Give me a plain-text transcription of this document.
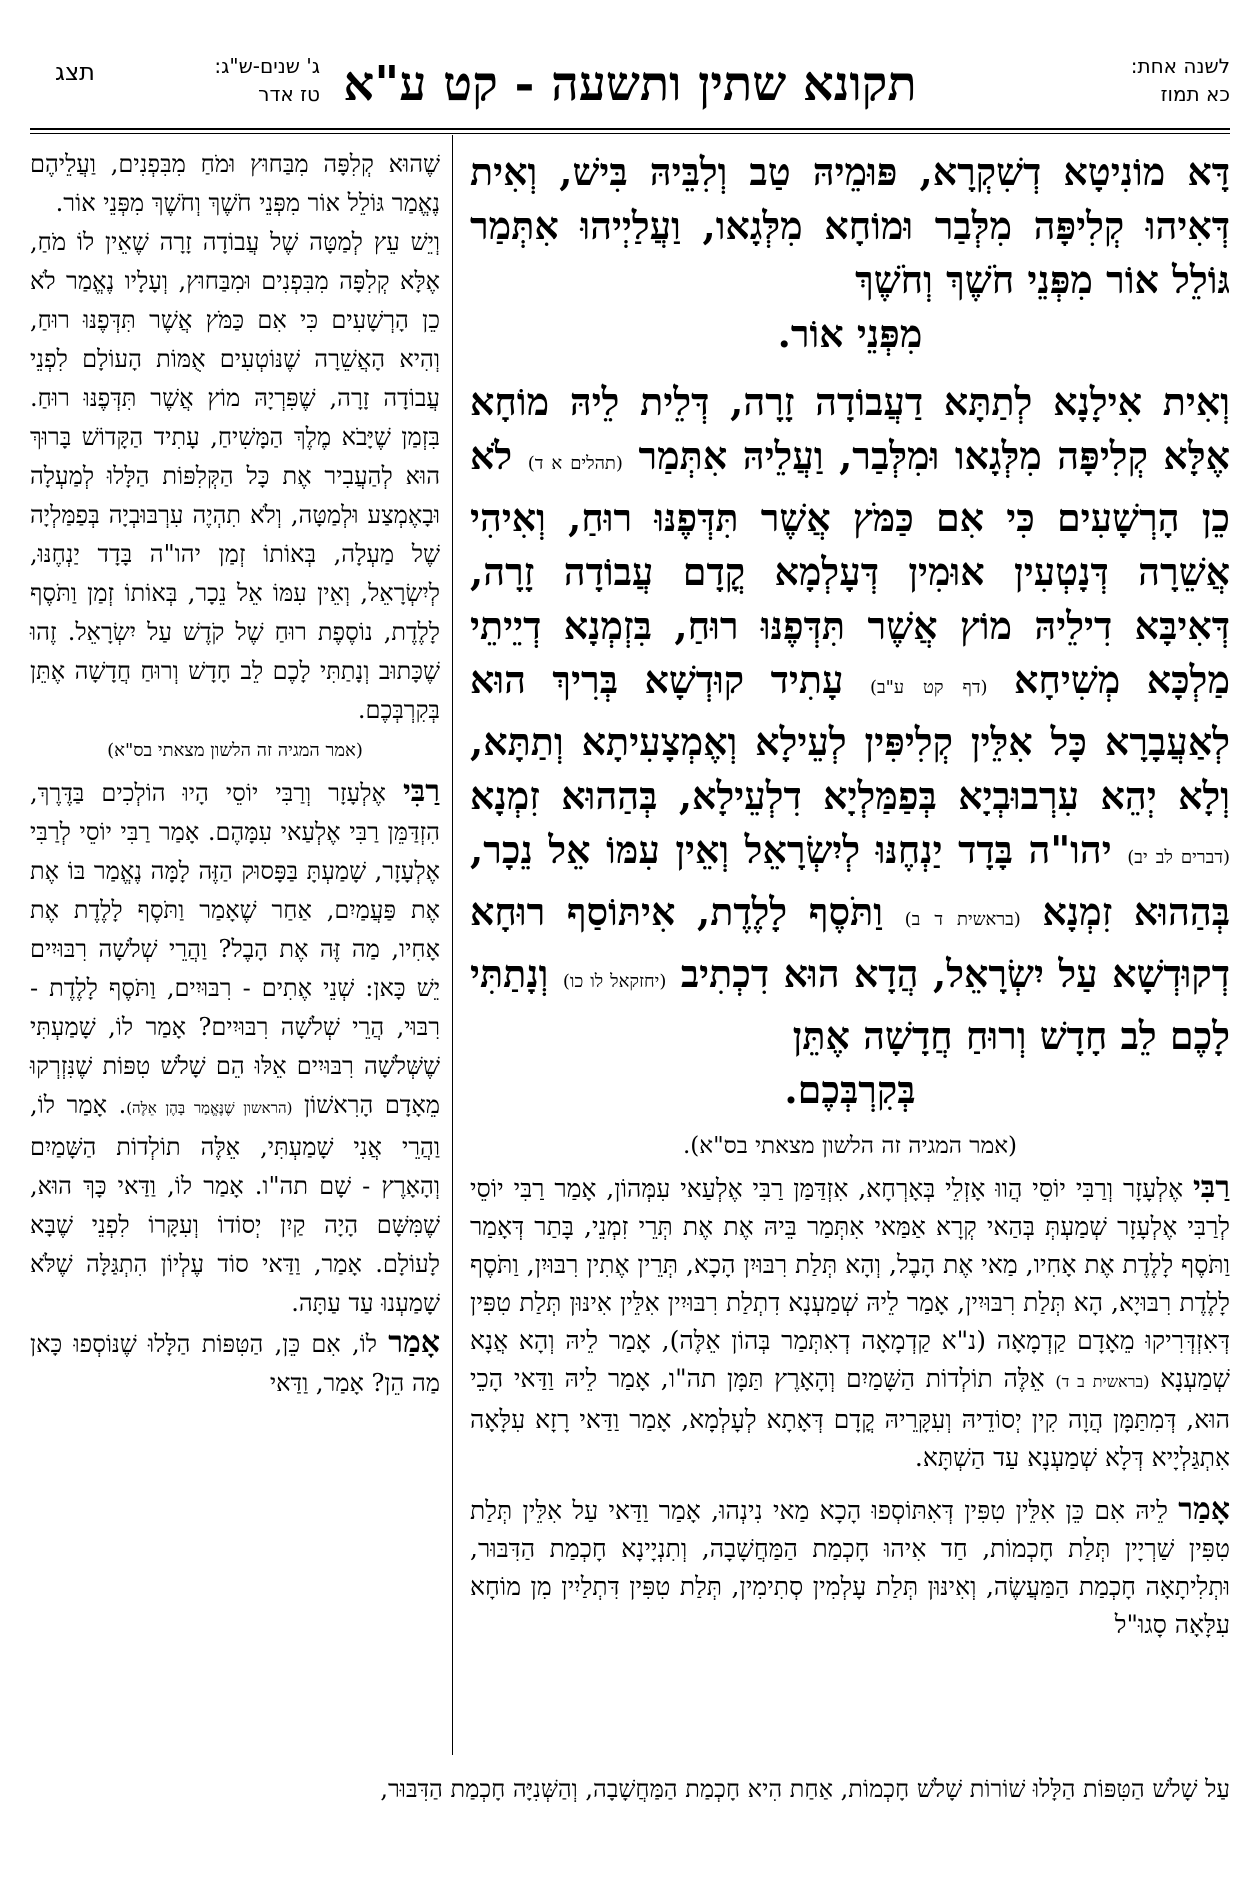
לשנה אחת:
כא תמוז
תקונא שתין ותשעה - קט ע"א
ג' שנים-ש"ג:
טז אדר
תצג

דָּא מוֹנִיטָא דְשִׁקְרָא, פּוּמֵיהּ טַב וְלִבֵּיהּ בִּישׁ, וְאִית דְּאִיהוּ קְלִיפָּה מִלְּבַר וּמוֹחָא מִלְּגָאו, וַעֲלַיְיהוּ אִתְּמַר גּוֹלֵל אוֹר מִפְּנֵי חֹשֶׁךְ וְחֹשֶׁךְ
מִפְּנֵי אוֹר.

וְאִית אִילָנָא לְתַתָּא דַעֲבוֹדָה זָרָה, דְּלֵית לֵיהּ מוֹחָא אֶלָּא קְלִיפָּה מִלְּגָאו וּמִלְּבַר, וַעֲלֵיהּ אִתְּמַר (תהלים א ד) לֹא כֵן הָרְשָׁעִים כִּי אִם כַּמֹּץ אֲשֶׁר תִּדְּפֶנּוּ רוּחַ, וְאִיהִי אֲשֵׁרָה דְּנָטְעִין אוּמִין דְּעָלְמָא קֳדָם עֲבוֹדָה זָרָה, דְּאִיבָּא דִילֵיהּ מוֹץ אֲשֶׁר תִּדְּפֶנּוּ רוּחַ, בִּזְמְנָא דְיֵיתֵי מַלְכָּא מְשִׁיחָא (דף קט ע"ב) עָתִיד קוּדְשָׁא בְּרִיךְ הוּא לְאַעֲבָרָא כָּל אִלֵּין קְלִיפִּין לְעֵילָא וְאֶמְצָעִיתָא וְתַתָּא, וְלָא יְהֵא עִרְבוּבְיָא בְּפַמַּלְיָא דִלְעֵילָא, בְּהַהוּא זִמְנָא (דברים לב יב) יהו"ה בָּדָד יַנְחֶנּוּ לְיִשְׂרָאֵל וְאֵין עִמּוֹ אֵל נֵכָר, בְּהַהוּא זִמְנָא (בראשית ד ב) וַתֹּסֶף לָלֶדֶת, אִיתּוֹסַף רוּחָא דְקוּדְשָׁא עַל יִשְׂרָאֵל, הֲדָא הוּא דִכְתִיב (יחזקאל לו כו) וְנָתַתִּי לָכֶם לֵב חָדָשׁ וְרוּחַ חֲדָשָׁה אֶתֵּן
בְּקִרְבְּכֶם.

(אמר המגיה זה הלשון מצאתי בס"א).

רַבִּי אֶלְעָזָר וְרַבִּי יוֹסֵי הֲווּ אָזְלֵי בְּאָרְחָא, אִזְדַּמַּן רַבִּי אֶלְעַאי עִמְּהוֹן, אָמַר רַבִּי יוֹסֵי לְרַבִּי אֶלְעָזָר שְׁמַעְתְּ בְּהַאי קְרָא אַמַּאי אִתְּמַר בֵּיהּ אֶת אֶת תְּרֵי זִמְנֵי, בָּתַר דְּאָמַר וַתֹּסֶף לָלֶדֶת אֶת אָחִיו, מַאי אֶת הָבֶל, וְהָא תְּלַת רִבּוּיִן הָכָא, תְּרֵין אֶתִין רִבּוּיִן, וַתֹּסֶף לָלֶדֶת רִבּוּיָא, הָא תְּלַת רִבּוּיִין, אָמַר לֵיהּ שְׁמַעְנָא דִתְלַת רִבּוּיִין אִלֵּין אִינּוּן תְּלַת טִפִּין דְּאִזְדְּרִיקוּ מֵאָדָם קַדְמָאָה (נ"א קַדְמָאָה דְאִתְּמַר בְּהוֹן אֵלֶּה), אָמַר לֵיהּ וְהָא אֲנָא שְׁמַעְנָא (בראשית ב ד) אֵלֶּה תוֹלְדוֹת הַשָּׁמַיִם וְהָאָרֶץ תַּמָּן תה"ו, אָמַר לֵיהּ וַדַּאי הָכֵי הוּא, דְּמִתַּמָּן הֲוָה קִין יְסוֹדֵיהּ וְעִקָּרֵיהּ קֳדָם דְּאָתָא לְעָלְמָא, אָמַר וַדַּאי רָזָא עִלָּאָה אִתְגַּלְיָיא דְּלָא שְׁמַעְנָא עַד הַשְׁתָּא.

אָמַר לֵיהּ אִם כֵּן אִלֵּין טִפִּין דְּאִתּוֹסְפוּ הָכָא מַאי נִינְהוּ, אָמַר וַדַּאי עַל אִלֵּין תְּלַת טִפִּין שַׁרְיָין תְּלַת חָכְמוֹת, חַד אִיהוּ חָכְמַת הַמַּחֲשָׁבָה, וְתִנְיָינָא חָכְמַת הַדִּבּוּר, וּתְלִיתָאָה חָכְמַת הַמַּעֲשֶׂה, וְאִינּוּן תְּלַת עָלְמִין סְתִימִין, תְּלַת טִפִּין דִּתְלַיִין מִן מוֹחָא עִלָּאָה סָגוּ"ל

שֶׁהוּא קְלִפָּה מִבַּחוּץ וּמֹחַ מִבִּפְנִים, וַעֲלֵיהֶם נֶאֱמַר גּוֹלֵל אוֹר מִפְּנֵי חֹשֶׁךְ וְחֹשֶׁךְ מִפְּנֵי אוֹר.

וְיֵשׁ עֵץ לְמַטָּה שֶׁל עֲבוֹדָה זָרָה שֶׁאֵין לוֹ מֹחַ, אֶלָּא קְלִפָּה מִבִּפְנִים וּמִבַּחוּץ, וְעָלָיו נֶאֱמַר לֹא כֵן הָרְשָׁעִים כִּי אִם כַּמֹּץ אֲשֶׁר תִּדְּפֶנּוּ רוּחַ, וְהִיא הָאֲשֵׁרָה שֶׁנּוֹטְעִים אֻמּוֹת הָעוֹלָם לִפְנֵי עֲבוֹדָה זָרָה, שֶׁפִּרְיָהּ מוֹץ אֲשֶׁר תִּדְּפֶנּוּ רוּחַ. בִּזְמַן שֶׁיָּבֹא מֶלֶךְ הַמָּשִׁיחַ, עָתִיד הַקָּדוֹשׁ בָּרוּךְ הוּא לְהַעֲבִיר אֶת כָּל הַקְּלִפּוֹת הַלָּלוּ לְמַעְלָה וּבָאֶמְצַע וּלְמַטָּה, וְלֹא תִהְיֶה עִרְבּוּבְיָה בְּפַמַּלְיָה שֶׁל מַעְלָה, בְּאוֹתוֹ זְמַן יהו"ה בָּדָד יַנְחֶנּוּ, לְיִשְׂרָאֵל, וְאֵין עִמּוֹ אֵל נֵכָר, בְּאוֹתוֹ זְמַן וַתֹּסֶף לָלֶדֶת, נוֹסֶפֶת רוּחַ שֶׁל קֹדֶשׁ עַל יִשְׂרָאֵל. זֶהוּ שֶׁכָּתוּב וְנָתַתִּי לָכֶם לֵב חָדָשׁ וְרוּחַ חֲדָשָׁה אֶתֵּן בְּקִרְבְּכֶם.

(אמר המגיה זה הלשון מצאתי בס"א)

רַבִּי אֶלְעָזָר וְרַבִּי יוֹסֵי הָיוּ הוֹלְכִים בַּדֶּרֶךְ, הִזְדַּמֵּן רַבִּי אֶלְעַאי עִמָּהֶם. אָמַר רַבִּי יוֹסֵי לְרַבִּי אֶלְעָזָר, שָׁמַעְתָּ בַּפָּסוּק הַזֶּה לָמָּה נֶאֱמַר בּוֹ אֶת אֶת פַּעֲמַיִם, אַחַר שֶׁאָמַר וַתֹּסֶף לָלֶדֶת אֶת אָחִיו, מַה זֶּה אֶת הָבֶל? וַהֲרֵי שְׁלֹשָׁה רִבּוּיִים יֵשׁ כָּאן: שְׁנֵי אֶתִים - רִבּוּיִים, וַתֹּסֶף לָלֶדֶת - רִבּוּי, הֲרֵי שְׁלֹשָׁה רִבּוּיִים? אָמַר לוֹ, שָׁמַעְתִּי שֶׁשְּׁלֹשָׁה רִבּוּיִים אֵלּוּ הֵם שָׁלֹשׁ טִפּוֹת שֶׁנִּזְרְקוּ מֵאָדָם הָרִאשׁוֹן (הראשון שֶׁנֶּאֱמַר בָּהֶן אֵלֶּה). אָמַר לוֹ, וַהֲרֵי אֲנִי שָׁמַעְתִּי, אֵלֶּה תוֹלְדוֹת הַשָּׁמַיִם וְהָאָרֶץ - שָׁם תה"ו. אָמַר לוֹ, וַדַּאי כָּךְ הוּא, שֶׁמִּשָּׁם הָיָה קַיִן יְסוֹדוֹ וְעִקָּרוֹ לִפְנֵי שֶׁבָּא לָעוֹלָם. אָמַר, וַדַּאי סוֹד עֶלְיוֹן הִתְגַּלָּה שֶׁלֹּא שָׁמַעְנוּ עַד עַתָּה.

אָמַר לוֹ, אִם כֵּן, הַטִּפּוֹת הַלָּלוּ שֶׁנּוֹסְפוּ כָּאן מַה הֵן? אָמַר, וַדַּאי

עַל שָׁלֹשׁ הַטִּפּוֹת הַלָּלוּ שׁוֹרוֹת שָׁלֹשׁ חָכְמוֹת, אַחַת הִיא חָכְמַת הַמַּחֲשָׁבָה, וְהַשְּׁנִיָּה חָכְמַת הַדִּבּוּר,
